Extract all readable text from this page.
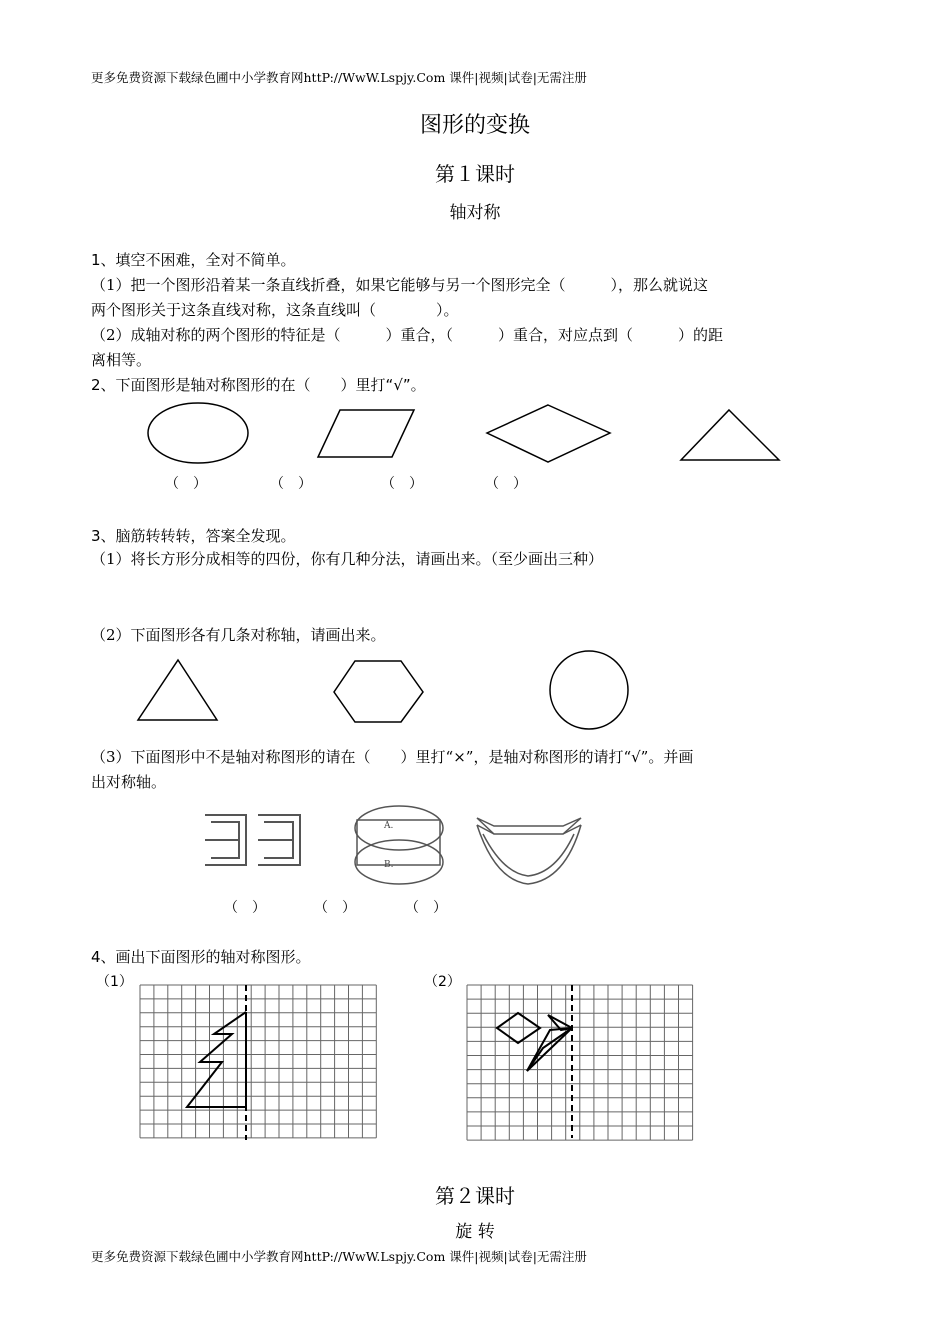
更多免费资源下载绿色圃中小学教育网httP://WwW.Lspjy.Com 课件|视频|试卷|无需注册
图形的变换
第１课时
轴对称
1、填空不困难，全对不简单。
（1）把一个图形沿着某一条直线折叠，如果它能够与另一个图形完全（　　　），那么就说这
两个图形关于这条直线对称，这条直线叫（　　　　）。
（2）成轴对称的两个图形的特征是（　　　）重合，（　　　）重合，对应点到（　　　）的距
离相等。
2、下面图形是轴对称图形的在（　　）里打“√”。
（　）	（　）	（　）	（　）
3、脑筋转转转，答案全发现。
（1）将长方形分成相等的四份，你有几种分法，请画出来。（至少画出三种）
（2）下面图形各有几条对称轴，请画出来。
（3）下面图形中不是轴对称图形的请在（　　）里打“×”，是轴对称图形的请打“√”。并画
出对称轴。
A.
B.
（　）	（　）	（　）
4、画出下面图形的轴对称图形。
（1）	（2）
第２课时
旋 转
更多免费资源下载绿色圃中小学教育网httP://WwW.Lspjy.Com 课件|视频|试卷|无需注册
